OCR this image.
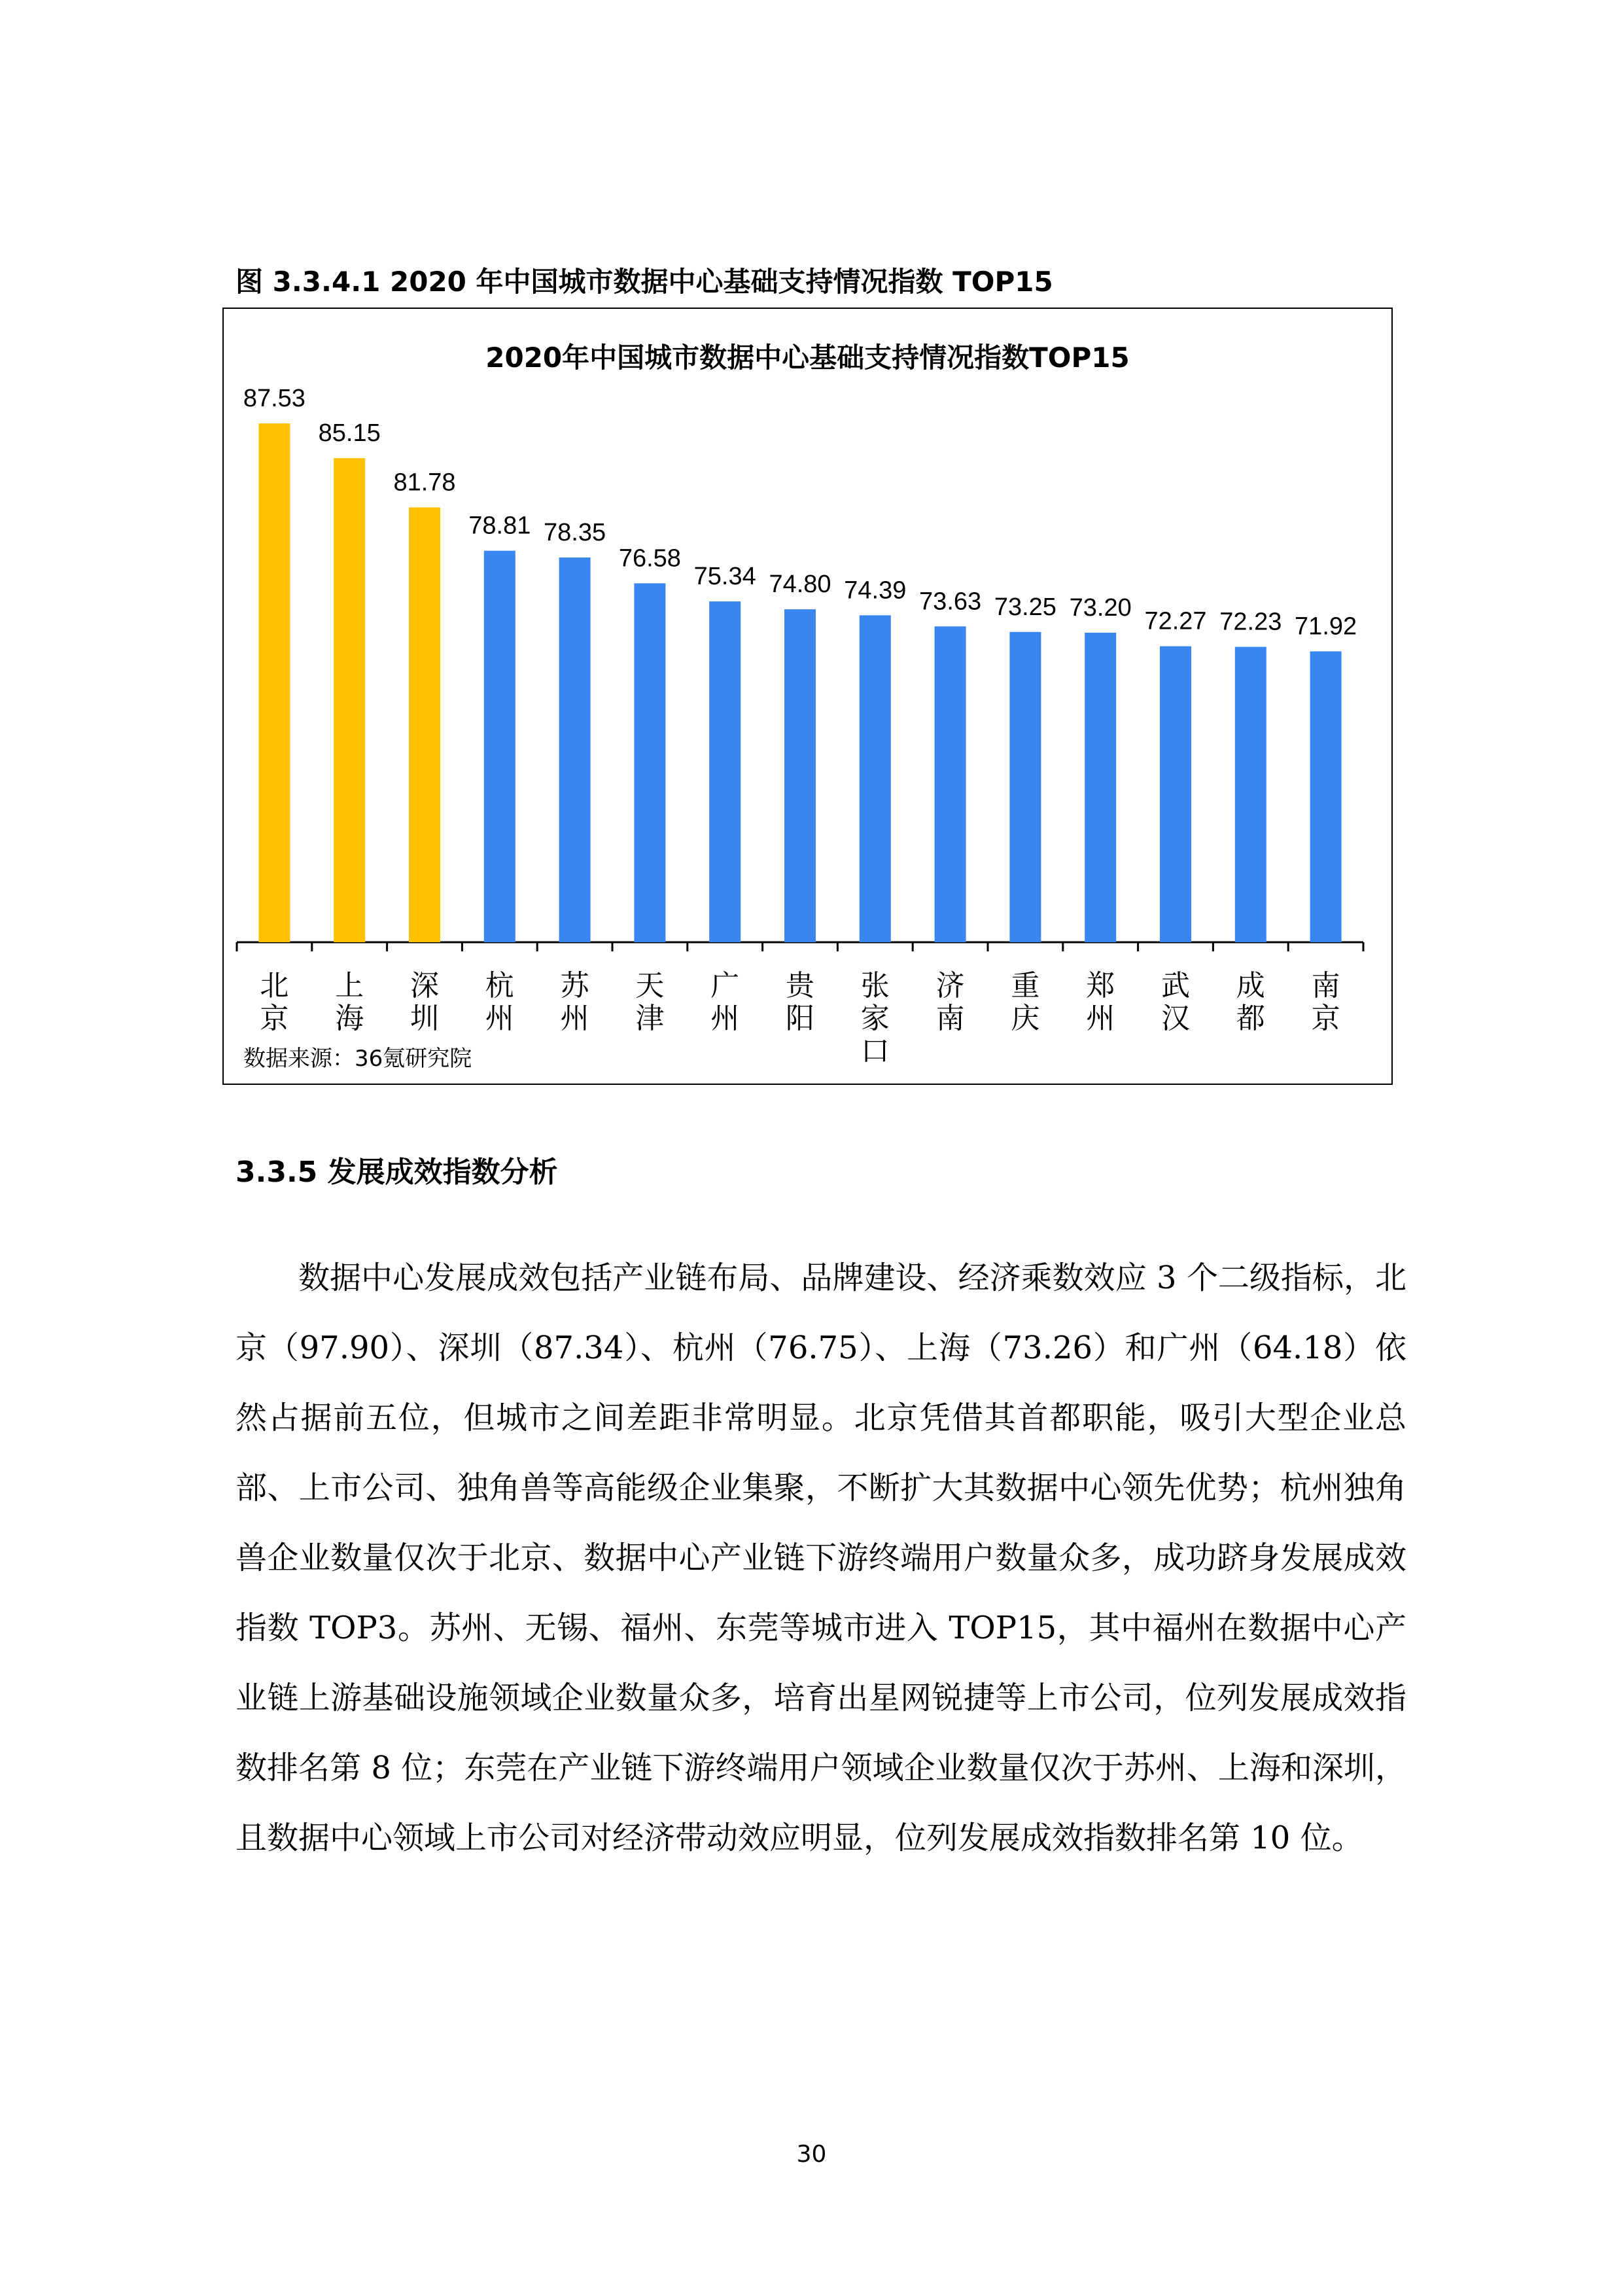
图 3.3.4.1 2020 年中国城市数据中心基础支持情况指数 TOP15
2020年中国城市数据中心基础支持情况指数TOP15
87.53
85.15
81.78
78.81 78.35
76.58
75.34 74.80 74.39 73.63 73.25 73.20 72.27 72.23 71.92
北
京
上
海
深
圳
杭
州
苏
州
天
津
广
州
贵
阳
张
家
口
济
南
重
庆
郑
州
武
汉
成
都
南
京
数据来源：36氪研究院
3.3.5 发展成效指数分析
数据中心发展成效包括产业链布局、品牌建设、经济乘数效应 3 个二级指标，北京（97.90）、深圳（87.34）、杭州（76.75）、上海（73.26）和广州（64.18）依然占据前五位，但城市之间差距非常明显。北京凭借其首都职能，吸引大型企业总部、上市公司、独角兽等高能级企业集聚，不断扩大其数据中心领先优势；杭州独角兽企业数量仅次于北京、数据中心产业链下游终端用户数量众多，成功跻身发展成效指数 TOP3。苏州、无锡、福州、东莞等城市进入 TOP15，其中福州在数据中心产业链上游基础设施领域企业数量众多，培育出星网锐捷等上市公司，位列发展成效指数排名第 8 位；东莞在产业链下游终端用户领域企业数量仅次于苏州、上海和深圳，且数据中心领域上市公司对经济带动效应明显，位列发展成效指数排名第 10 位。
30
